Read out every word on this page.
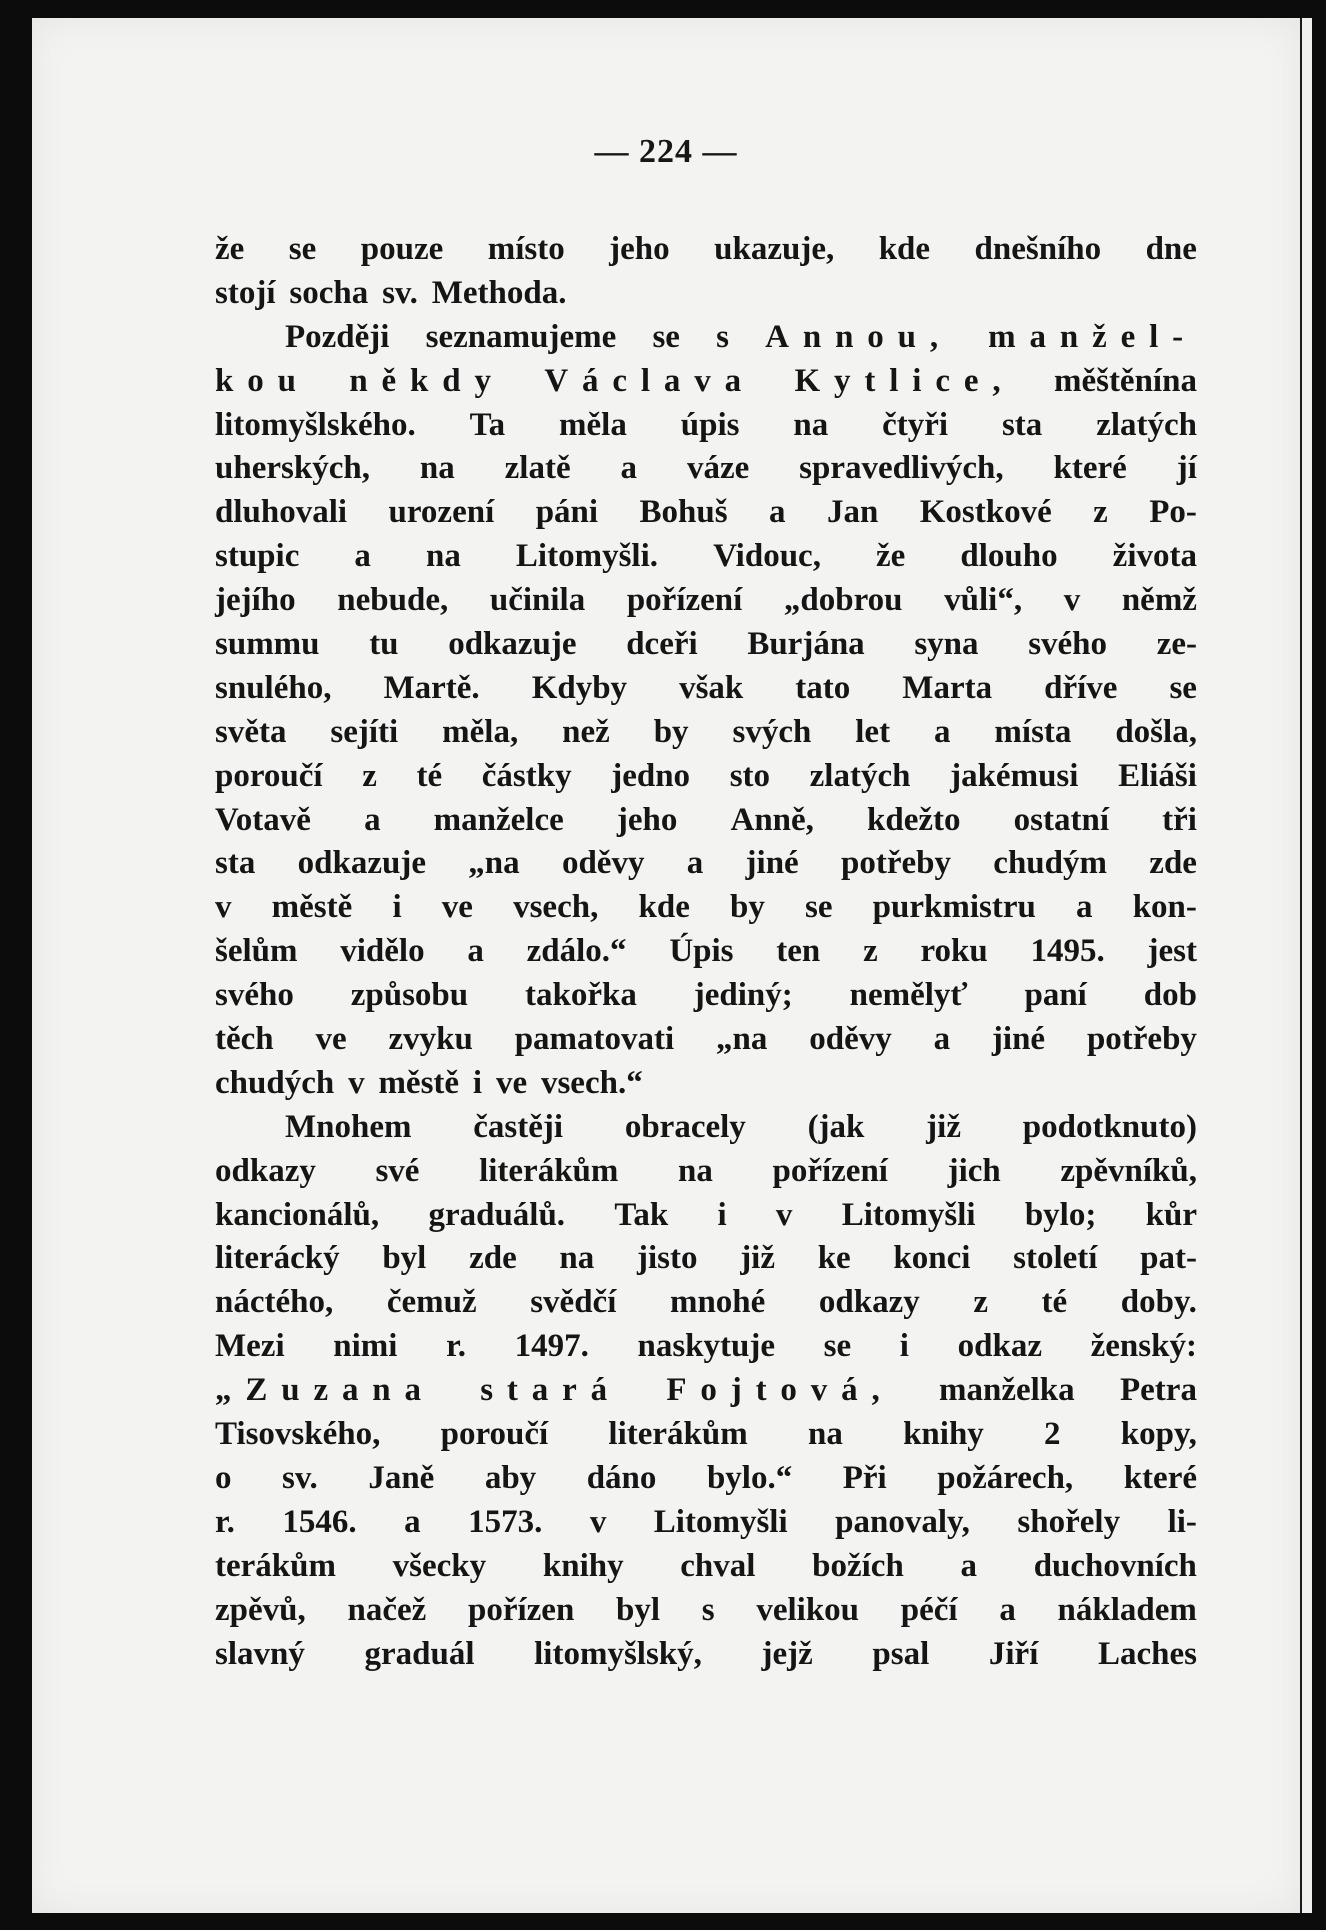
— 224 —
že se pouze místo jeho ukazuje, kde dnešního dne
stojí socha sv. Methoda.
Později seznamujeme se s Annou, manžel-
kou někdy Václava Kytlice, měštěnína
litomyšlského. Ta měla úpis na čtyři sta zlatých
uherských, na zlatě a váze spravedlivých, které jí
dluhovali urození páni Bohuš a Jan Kostkové z Po-
stupic a na Litomyšli. Vidouc, že dlouho života
jejího nebude, učinila pořízení „dobrou vůli“, v němž
summu tu odkazuje dceři Burjána syna svého ze-
snulého, Martě. Kdyby však tato Marta dříve se
světa sejíti měla, než by svých let a místa došla,
poroučí z té částky jedno sto zlatých jakémusi Eliáši
Votavě a manželce jeho Anně, kdežto ostatní tři
sta odkazuje „na oděvy a jiné potřeby chudým zde
v městě i ve vsech, kde by se purkmistru a kon-
šelům vidělo a zdálo.“ Úpis ten z roku 1495. jest
svého způsobu takořka jediný; nemělyť paní dob
těch ve zvyku pamatovati „na oděvy a jiné potřeby
chudých v městě i ve vsech.“
Mnohem častěji obracely (jak již podotknuto)
odkazy své literákům na pořízení jich zpěvníků,
kancionálů, graduálů. Tak i v Litomyšli bylo; kůr
literácký byl zde na jisto již ke konci století pat-
náctého, čemuž svědčí mnohé odkazy z té doby.
Mezi nimi r. 1497. naskytuje se i odkaz ženský:
„Zuzana stará Fojtová, manželka Petra
Tisovského, poroučí literákům na knihy 2 kopy,
o sv. Janě aby dáno bylo.“ Při požárech, které
r. 1546. a 1573. v Litomyšli panovaly, shořely li-
terákům všecky knihy chval božích a duchovních
zpěvů, načež pořízen byl s velikou péčí a nákladem
slavný graduál litomyšlský, jejž psal Jiří Laches
